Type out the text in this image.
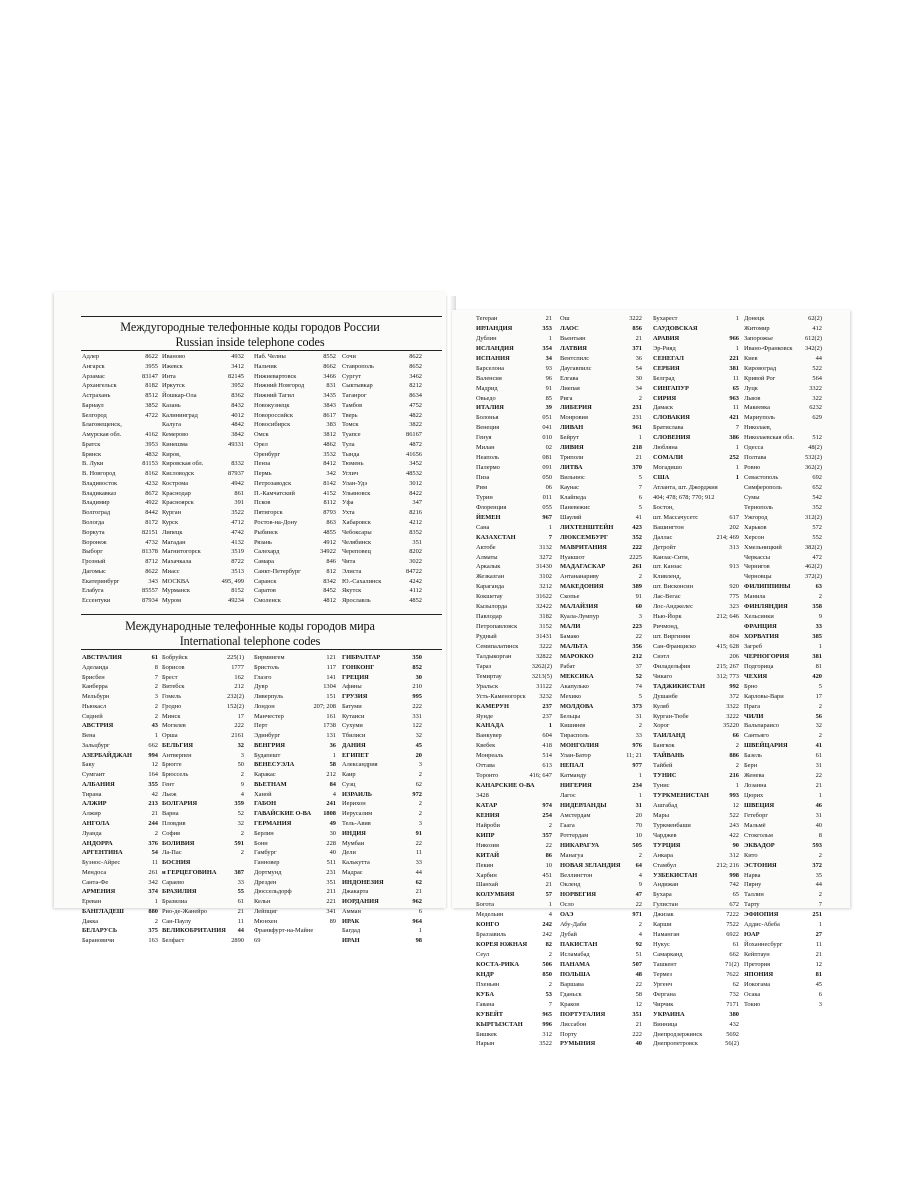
Междугородные телефонные коды городов России
Russian inside telephone codes
Адлер	8622
Ангарск	3955
Арзамас	83147
Архангельск	8182
Астрахань	8512
Барнаул	3852
Белгород	4722
Благовещенск,
Амурская обл.	4162
Братск	3953
Брянск	4832
В. Луки	81153
В. Новгород	8162
Владивосток	4232
Владикавказ	8672
Владимир	4922
Волгоград	8442
Вологда	8172
Воркута	82151
Воронеж	4732
Выборг	81378
Грозный	8712
Дагомыс	8622
Екатеринбург	343
Елабуга	85557
Ессентуки	87934
Иваново	4932
Ижевск	3412
Инта	82145
Иркутск	3952
Йошкар-Ола	8362
Казань	8432
Калининград	4012
Калуга	4842
Кемерово	3842
Кинешма	49331
Киров,
Кировская обл.	8332
Кисловодск	87937
Кострома	4942
Краснодар	861
Красноярск	391
Курган	3522
Курск	4712
Липецк	4742
Магадан	4132
Магнитогорск	3519
Махачкала	8722
Миасс	3513
МОСКВА	495, 499
Мурманск	8152
Муром	49234
Наб. Челны	8552
Нальчик	8662
Нижневартовск	3466
Нижний Новгород	831
Нижний Тагил	3435
Новокузнецк	3843
Новороссийск	8617
Новосибирск	383
Омск	3812
Орел	4862
Оренбург	3532
Пенза	8412
Пермь	342
Петрозаводск	8142
П.-Камчатский	4152
Псков	8112
Пятигорск	8793
Ростов-на-Дону	863
Рыбинск	4855
Рязань	4912
Салехард	34922
Самара	846
Санкт-Петербург	812
Саранск	8342
Саратов	8452
Смоленск	4812
Сочи	8622
Ставрополь	8652
Сургут	3462
Сыктывкар	8212
Таганрог	8634
Тамбов	4752
Тверь	4822
Томск	3822
Туапсе	86167
Тула	4872
Тында	41656
Тюмень	3452
Углич	48532
Улан-Удэ	3012
Ульяновск	8422
Уфа	347
Ухта	8216
Хабаровск	4212
Чебоксары	8352
Челябинск	351
Череповец	8202
Чита	3022
Элиста	84722
Ю.-Сахалинск	4242
Якутск	4112
Ярославль	4852
Международные телефонные коды городов мира
International telephone codes
АВСТРАЛИЯ	61
Аделаида	8
Брисбен	7
Канберра	2
Мельбурн	3
Ньюкасл	2
Сидней	2
АВСТРИЯ	43
Вена	1
Зальцбург	662
АЗЕРБАЙДЖАН	994
Баку	12
Сумгаит	164
АЛБАНИЯ	355
Тирана	42
АЛЖИР	213
Алжир	21
АНГОЛА	244
Луанда	2
АНДОРРА	376
АРГЕНТИНА	54
Буэнос-Айрес	11
Мендоса	261
Санта-Фе	342
АРМЕНИЯ	374
Ереван	1
БАНГЛАДЕШ	880
Дакка	2
БЕЛАРУСЬ	375
Барановичи	163
Бобруйск	225(1)
Борисов	1777
Брест	162
Витебск	212
Гомель	232(2)
Гродно	152(2)
Минск	17
Могилев	222
Орша	2161
БЕЛЬГИЯ	32
Антверпен	3
Брюгге	50
Брюссель	2
Гент	9
Льеж	4
БОЛГАРИЯ	359
Варна	52
Пловдив	32
София	2
БОЛИВИЯ	591
Ла-Пас	2
БОСНИЯ
и ГЕРЦЕГОВИНА	387
Сараево	33
БРАЗИЛИЯ	55
Бразилиа	61
Рио-де-Жанейро	21
Сан-Паулу	11
ВЕЛИКОБРИТАНИЯ	44
Белфаст	2890
Бирмингем	121
Бристоль	117
Глазго	141
Дувр	1304
Ливерпуль	151
Лондон	207; 208
Манчестер	161
Перт	1738
Эдинбург	131
ВЕНГРИЯ	36
Будапешт	1
ВЕНЕСУЭЛА	58
Каракас	212
ВЬЕТНАМ	84
Ханой	4
ГАБОН	241
ГАВАЙСКИЕ О-ВА	1808
ГЕРМАНИЯ	49
Берлин	30
Бонн	228
Гамбург	40
Ганновер	511
Дортмунд	231
Дрезден	351
Дюссельдорф	211
Кельн	221
Лейпциг	341
Мюнхен	89
Франкфурт-на-Майне
69
ГИБРАЛТАР	350
ГОНКОНГ	852
ГРЕЦИЯ	30
Афины	210
ГРУЗИЯ	995
Батуми	222
Кутаиси	331
Сухуми	122
Тбилиси	32
ДАНИЯ	45
ЕГИПЕТ	20
Александрия	3
Каир	2
Суэц	62
ИЗРАИЛЬ	972
Иерихон	2
Иерусалим	2
Тель-Авив	3
ИНДИЯ	91
Мумбаи	22
Дели	11
Калькутта	33
Мадрас	44
ИНДОНЕЗИЯ	62
Джакарта	21
ИОРДАНИЯ	962
Амман	6
ИРАК	964
Багдад	1
ИРАН	98
Тегеран	21
ИРЛАНДИЯ	353
Дублин	1
ИСЛАНДИЯ	354
ИСПАНИЯ	34
Барселона	93
Валенсия	96
Мадрид	91
Овьедо	85
ИТАЛИЯ	39
Болонья	051
Венеция	041
Генуя	010
Милан	02
Неаполь	081
Палермо	091
Пиза	050
Рим	06
Турин	011
Флоренция	055
ЙЕМЕН	967
Сана	1
КАЗАХСТАН	7
Актобе	3132
Алматы	3272
Аркалык	31430
Жезказган	3102
Караганда	3212
Кокшетау	31622
Кызылорда	32422
Павлодар	3182
Петропавловск	3152
Рудный	31431
Семипалатинск	3222
Талдыкорган	32822
Тараз	3262(2)
Темиртау	3213(5)
Уральск	31122
Усть-Каменогорск	3232
КАМЕРУН	237
Яунде	237
КАНАДА	1
Ванкувер	604
Квебек	418
Монреаль	514
Оттава	613
Торонто	416; 647
КАНАРСКИЕ О-ВА
3428
КАТАР	974
КЕНИЯ	254
Найроби	2
КИПР	357
Никозия	22
КИТАЙ	86
Пекин	10
Харбин	451
Шанхай	21
КОЛУМБИЯ	57
Богота	1
Медельин	4
КОНГО	242
Браззавиль	242
КОРЕЯ ЮЖНАЯ	82
Сеул	2
КОСТА-РИКА	506
КНДР	850
Пхеньян	2
КУБА	53
Гавана	7
КУВЕЙТ	965
КЫРГЫЗСТАН	996
Бишкек	312
Нарын	3522
Ош	3222
ЛАОС	856
Вьентьян	21
ЛАТВИЯ	371
Вентспилс	36
Даугавпилс	54
Елгава	30
Лиепая	34
Рига	2
ЛИБЕРИЯ	231
Монровия	231
ЛИВАН	961
Бейрут	1
ЛИВИЯ	218
Триполи	21
ЛИТВА	370
Вильнюс	5
Каунас	7
Клайпеда	6
Паневежис	5
Шауляй	41
ЛИХТЕНШТЕЙН	423
ЛЮКСЕМБУРГ	352
МАВРИТАНИЯ	222
Нуакшот	2225
МАДАГАСКАР	261
Антананариву	2
МАКЕДОНИЯ	389
Скопье	91
МАЛАЙЗИЯ	60
Куала-Лумпур	3
МАЛИ	223
Бамако	22
МАЛЬТА	356
МАРОККО	212
Рабат	37
МЕКСИКА	52
Акапулько	74
Мехико	5
МОЛДОВА	373
Бельцы	31
Кишинев	2
Тирасполь	33
МОНГОЛИЯ	976
Улан-Батор	11; 21
НЕПАЛ	977
Катманду	1
НИГЕРИЯ	234
Лагос	1
НИДЕРЛАНДЫ	31
Амстердам	20
Гаага	70
Роттердам	10
НИКАРАГУА	505
Манагуа	2
НОВАЯ ЗЕЛАНДИЯ	64
Веллингтон	4
Окленд	9
НОРВЕГИЯ	47
Осло	22
ОАЭ	971
Абу-Даби	2
Дубай	4
ПАКИСТАН	92
Исламабад	51
ПАНАМА	507
ПОЛЬША	48
Варшава	22
Гданьск	58
Краков	12
ПОРТУГАЛИЯ	351
Лиссабон	21
Порту	222
РУМЫНИЯ	40
Бухарест	1
САУДОВСКАЯ
АРАВИЯ	966
Эр-Рияд	1
СЕНЕГАЛ	221
СЕРБИЯ	381
Белград	11
СИНГАПУР	65
СИРИЯ	963
Дамаск	11
СЛОВАКИЯ	421
Братислава	7
СЛОВЕНИЯ	386
Любляна	1
СОМАЛИ	252
Могадишо	1
США	1
Атланта, шт. Джорджия
404; 478; 678; 770; 912
Бостон,
шт. Массачусетс	617
Вашингтон	202
Даллас	214; 469
Детройт	313
Канзас-Сити,
шт. Канзас	913
Кливленд,
шт. Висконсин	920
Лас-Вегас	775
Лос-Анджелес	323
Нью-Йорк	212; 646
Ричмонд,
шт. Виргиния	804
Сан-Франциско	415; 628
Сиэтл	206
Филадельфия	215; 267
Чикаго	312; 773
ТАДЖИКИСТАН	992
Душанбе	372
Куляб	3322
Курган-Тюбе	3222
Хорог	35220
ТАИЛАНД	66
Бангкок	2
ТАЙВАНЬ	886
Тайбей	2
ТУНИС	216
Тунис	1
ТУРКМЕНИСТАН	993
Ашгабад	12
Мары	522
Туркменбаши	243
Чарджев	422
ТУРЦИЯ	90
Анкара	312
Стамбул	212; 216
УЗБЕКИСТАН	998
Андижан	742
Бухара	65
Гулистан	672
Джизак	7222
Карши	7522
Наманган	6922
Нукус	61
Самарканд	662
Ташкент	71(2)
Термез	7622
Ургенч	62
Фергана	732
Чирчик	7171
УКРАИНА	380
Винница	432
Днепродзержинск	5692
Днепропетровск	56(2)
Донецк	62(2)
Житомир	412
Запорожье	612(2)
Ивано-Франковск	342(2)
Киев	44
Кировоград	522
Кривой Рог	564
Луцк	3322
Львов	322
Макеевка	6232
Мариуполь	629
Николаев,
Николаевская обл.	512
Одесса	48(2)
Полтава	532(2)
Ровно	362(2)
Севастополь	692
Симферополь	652
Сумы	542
Тернополь	352
Ужгород	312(2)
Харьков	572
Херсон	552
Хмельницкий	382(2)
Черкассы	472
Чернигов	462(2)
Черновцы	372(2)
ФИЛИППИНЫ	63
Манила	2
ФИНЛЯНДИЯ	358
Хельсинки	9
ФРАНЦИЯ	33
ХОРВАТИЯ	385
Загреб	1
ЧЕРНОГОРИЯ	381
Подгорица	81
ЧЕХИЯ	420
Брно	5
Карловы-Вари	17
Прага	2
ЧИЛИ	56
Вальпараисо	32
Сантьяго	2
ШВЕЙЦАРИЯ	41
Базель	61
Берн	31
Женева	22
Лозанна	21
Цюрих	1
ШВЕЦИЯ	46
Гетеборг	31
Мальмё	40
Стокгольм	8
ЭКВАДОР	593
Кито	2
ЭСТОНИЯ	372
Нарва	35
Пярну	44
Таллин	2
Тарту	7
ЭФИОПИЯ	251
Аддис-Абеба	1
ЮАР	27
Йоханнесбург	11
Кейптаун	21
Претория	12
ЯПОНИЯ	81
Иокогама	45
Осака	6
Токио	3
